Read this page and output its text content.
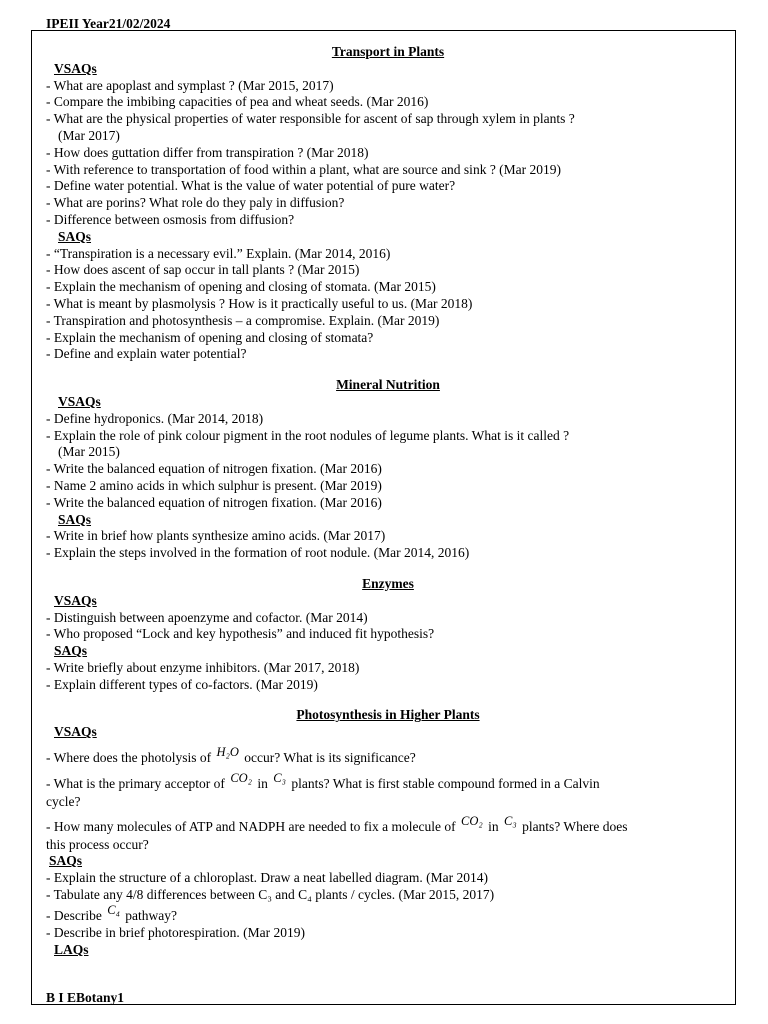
IPEII Year21/02/2024
Transport in Plants
VSAQs
- What are apoplast and symplast ? (Mar 2015, 2017)
- Compare the imbibing capacities of pea and wheat seeds. (Mar 2016)
- What are the physical properties of water responsible for ascent of sap through xylem in plants ?
(Mar 2017)
- How does guttation differ from transpiration ? (Mar 2018)
- With reference to transportation of food within a plant, what are source and sink ? (Mar 2019)
- Define water potential. What is the value of water potential of pure water?
- What are porins? What role do they paly in diffusion?
- Difference between osmosis from diffusion?
SAQs
- “Transpiration is a necessary evil.” Explain. (Mar 2014, 2016)
- How does ascent of sap occur in tall plants ? (Mar 2015)
- Explain the mechanism of opening and closing of stomata. (Mar 2015)
- What is meant by plasmolysis ? How is it practically useful to us. (Mar 2018)
- Transpiration and photosynthesis – a compromise. Explain. (Mar 2019)
- Explain the mechanism of opening and closing of stomata?
- Define and explain water potential?
Mineral Nutrition
VSAQs
- Define hydroponics. (Mar 2014, 2018)
- Explain the role of pink colour pigment in the root nodules of legume plants. What is it called ?
(Mar 2015)
- Write the balanced equation of nitrogen fixation. (Mar 2016)
- Name 2 amino acids in which sulphur is present. (Mar 2019)
- Write the balanced equation of nitrogen fixation. (Mar 2016)
SAQs
- Write in brief how plants synthesize amino acids. (Mar 2017)
- Explain the steps involved in the formation of root nodule. (Mar 2014, 2016)
Enzymes
VSAQs
- Distinguish between apoenzyme and cofactor. (Mar 2014)
- Who proposed “Lock and key hypothesis” and induced fit hypothesis?
SAQs
- Write briefly about enzyme inhibitors. (Mar 2017, 2018)
- Explain different types of co-factors. (Mar 2019)
Photosynthesis in Higher Plants
VSAQs
- Where does the photolysis of H₂O occur? What is its significance?
- What is the primary acceptor of CO₂ in C₃ plants? What is first stable compound formed in a Calvin
cycle?
- How many molecules of ATP and NADPH are needed to fix a molecule of CO₂ in C₃ plants? Where does
this process occur?
SAQs
- Explain the structure of a chloroplast. Draw a neat labelled diagram. (Mar 2014)
- Tabulate any 4/8 differences between C₃ and C₄ plants / cycles. (Mar 2015, 2017)
- Describe C₄ pathway?
- Describe in brief photorespiration. (Mar 2019)
LAQs
B I EBotany1
